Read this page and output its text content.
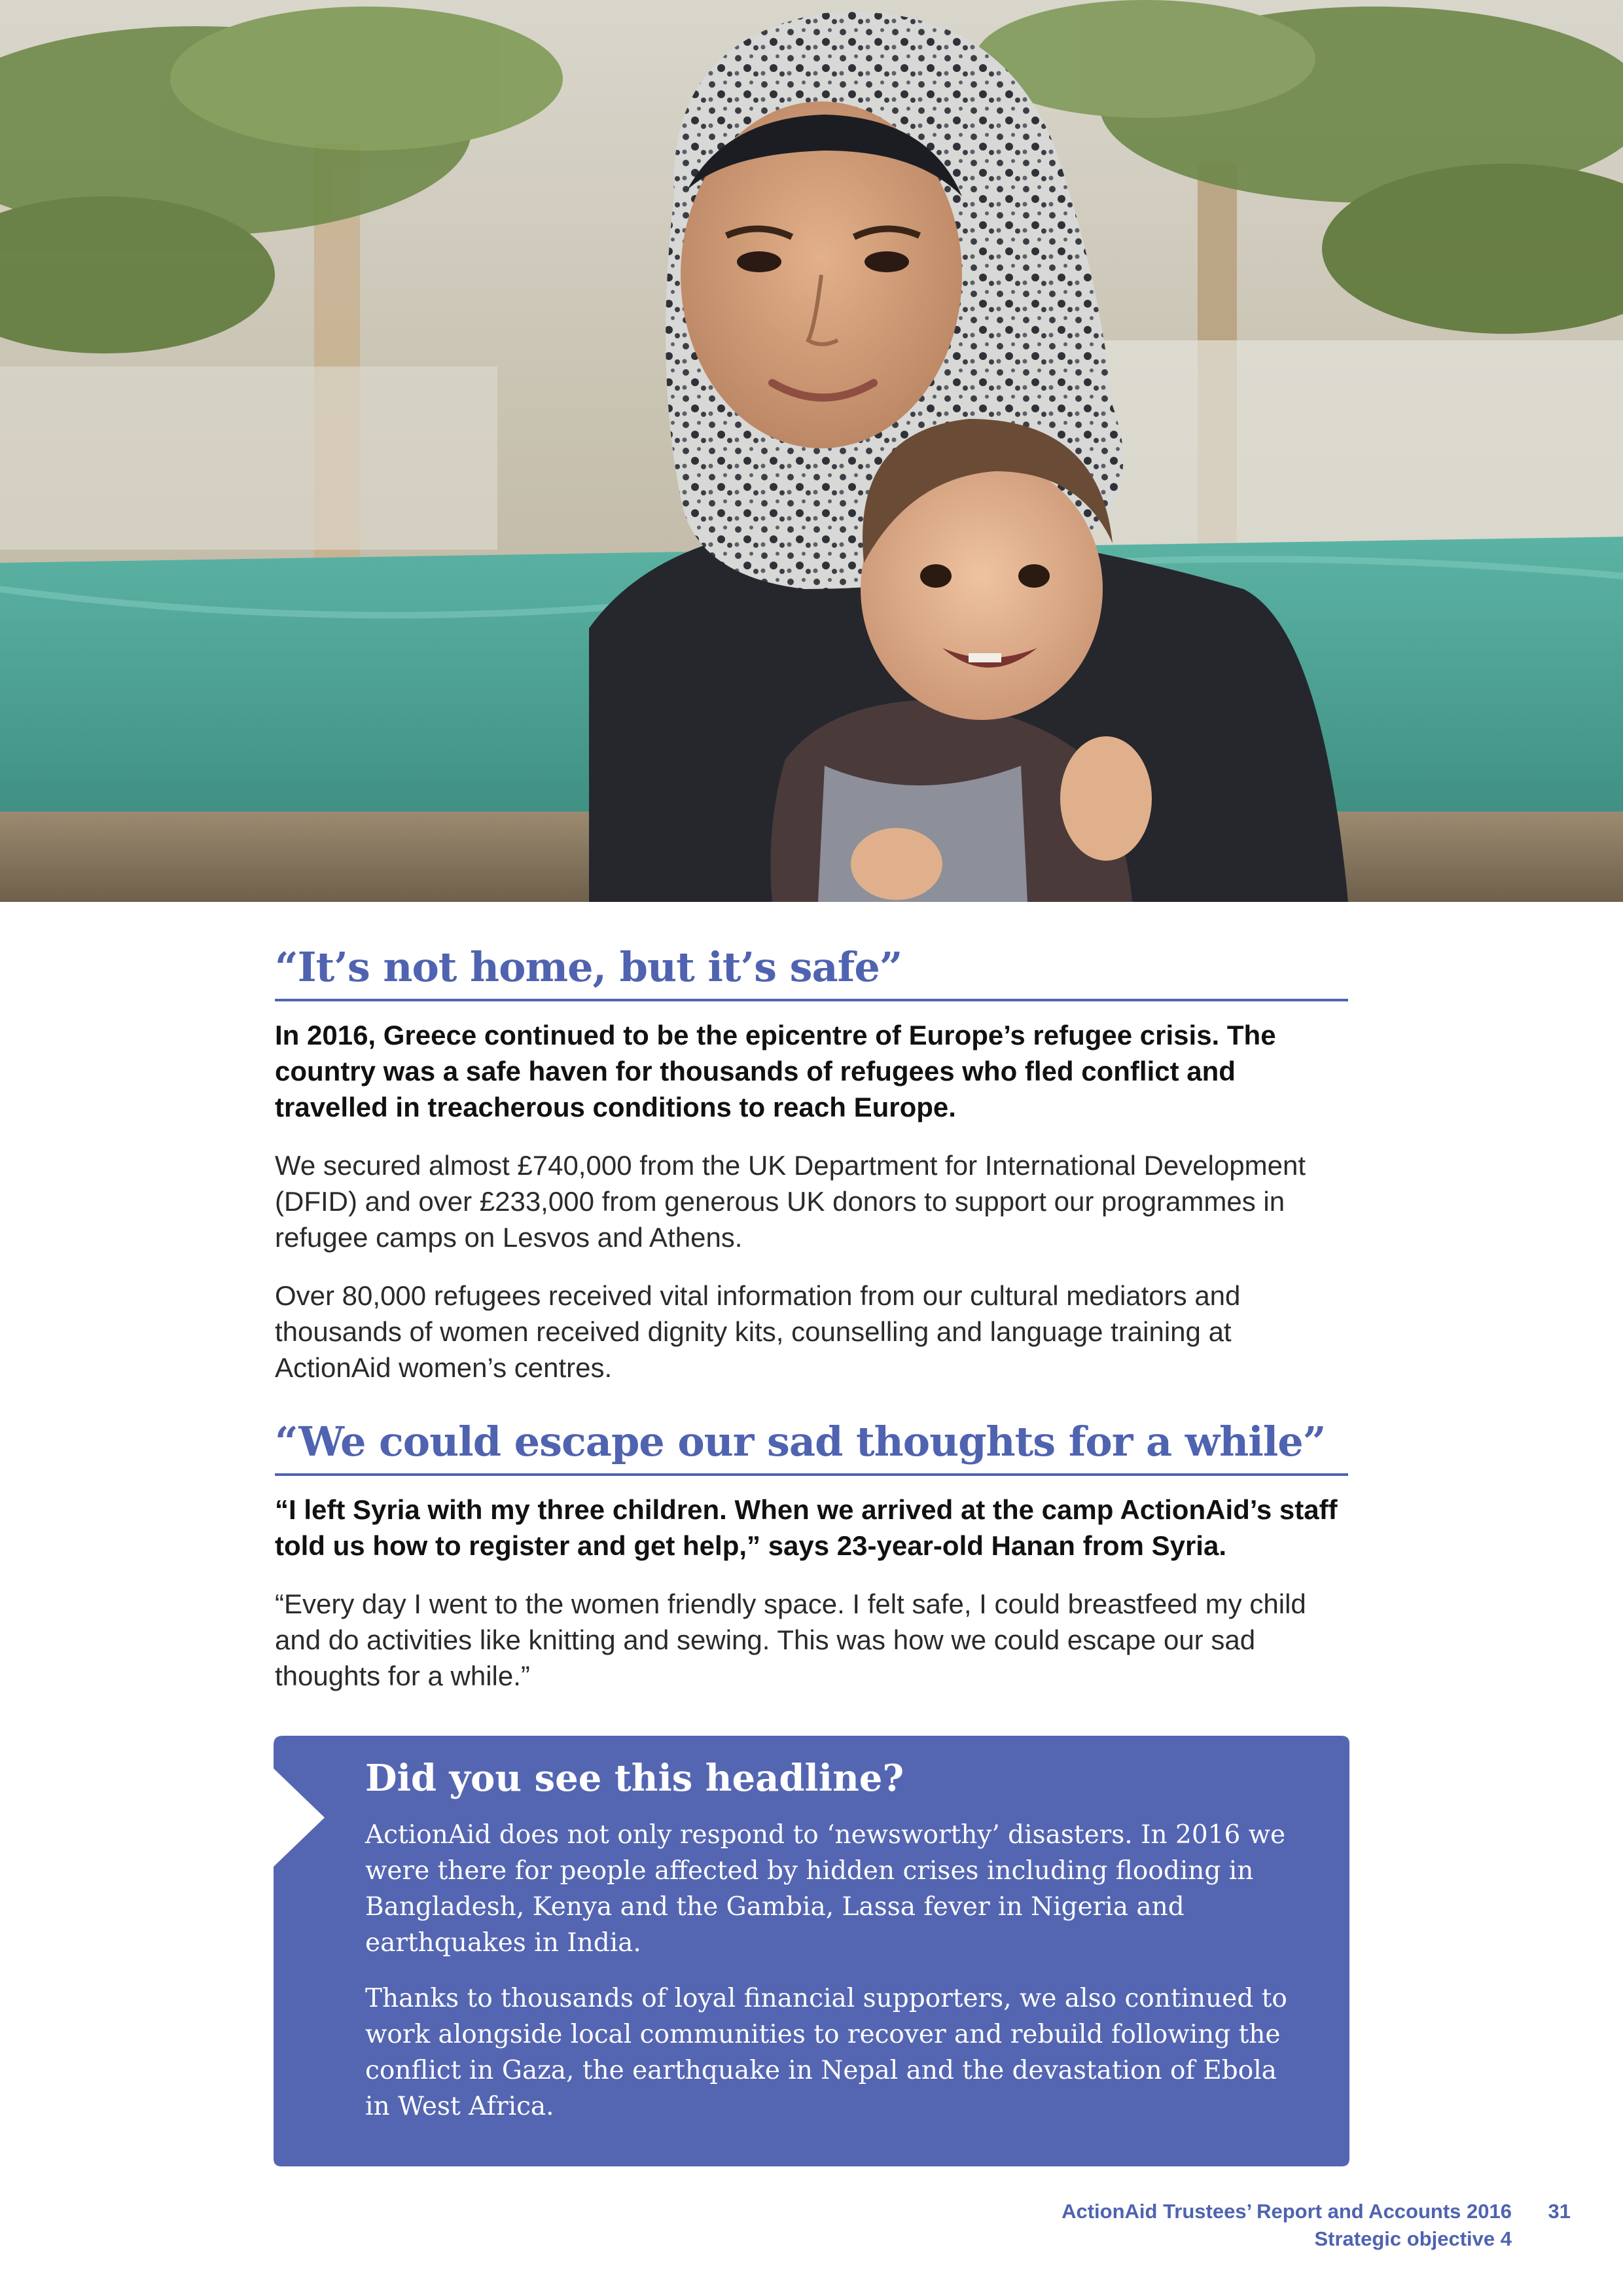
“It’s not home, but it’s safe”

In 2016, Greece continued to be the epicentre of Europe’s refugee crisis. The country was a safe haven for thousands of refugees who fled conflict and travelled in treacherous conditions to reach Europe.

We secured almost £740,000 from the UK Department for International Development (DFID) and over £233,000 from generous UK donors to support our programmes in refugee camps on Lesvos and Athens.

Over 80,000 refugees received vital information from our cultural mediators and thousands of women received dignity kits, counselling and language training at ActionAid women’s centres.

“We could escape our sad thoughts for a while”

“I left Syria with my three children. When we arrived at the camp ActionAid’s staff told us how to register and get help,” says 23-year-old Hanan from Syria.

“Every day I went to the women friendly space. I felt safe, I could breastfeed my child and do activities like knitting and sewing. This was how we could escape our sad thoughts for a while.”

Did you see this headline?

ActionAid does not only respond to ‘newsworthy’ disasters. In 2016 we were there for people affected by hidden crises including flooding in Bangladesh, Kenya and the Gambia, Lassa fever in Nigeria and earthquakes in India.

Thanks to thousands of loyal financial supporters, we also continued to work alongside local communities to recover and rebuild following the conflict in Gaza, the earthquake in Nepal and the devastation of Ebola in West Africa.

ActionAid Trustees’ Report and Accounts 2016	31
Strategic objective 4
